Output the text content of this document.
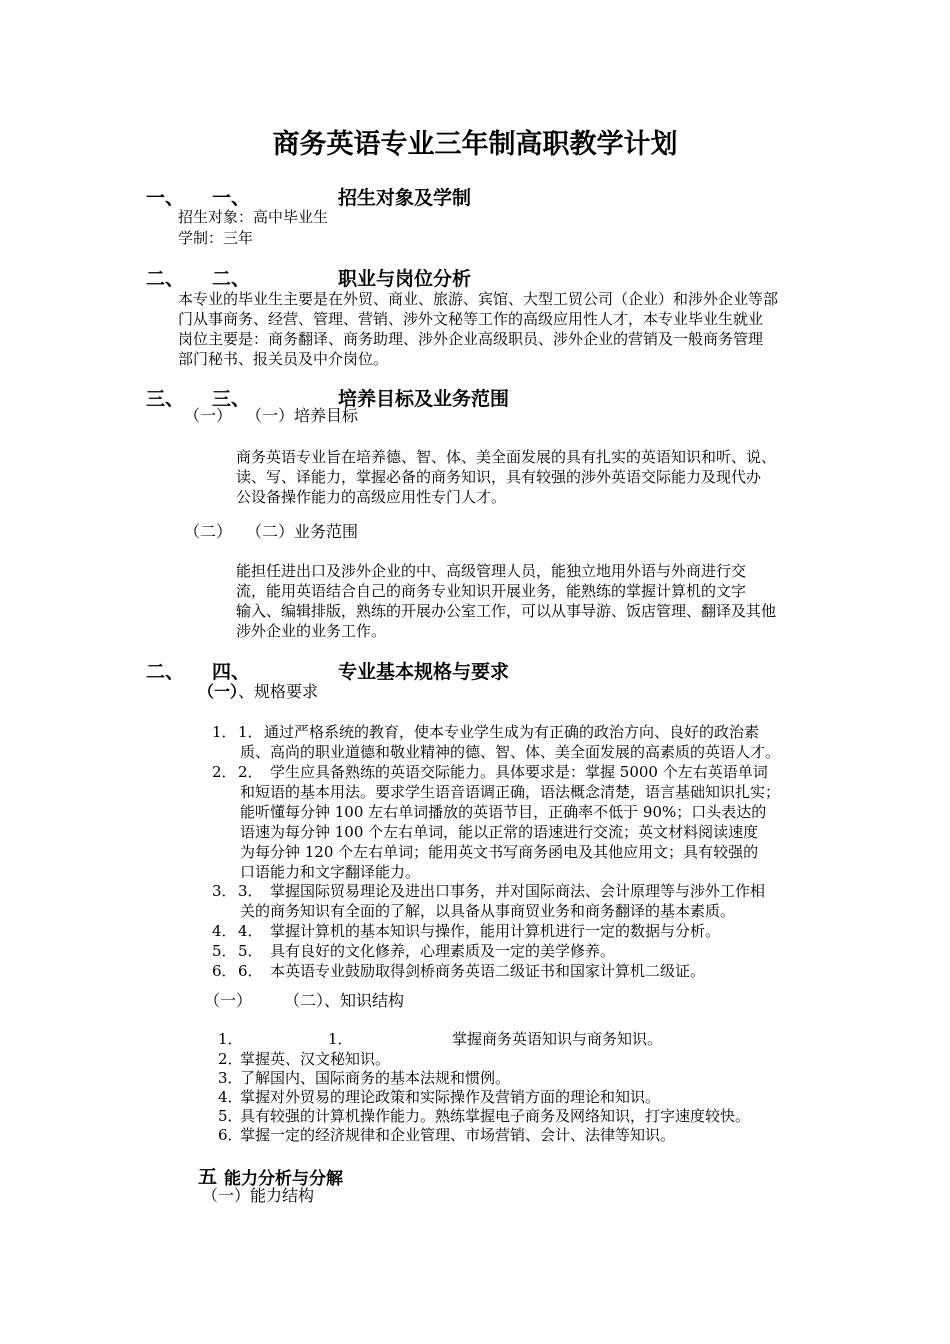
商务英语专业三年制高职教学计划
一、 一、	招生对象及学制
招生对象：高中毕业生
学制：三年
二、 二、	职业与岗位分析
本专业的毕业生主要是在外贸、商业、旅游、宾馆、大型工贸公司（企业）和涉外企业等部
门从事商务、经营、管理、营销、涉外文秘等工作的高级应用性人才，本专业毕业生就业
岗位主要是：商务翻译、商务助理、涉外企业高级职员、涉外企业的营销及一般商务管理
部门秘书、报关员及中介岗位。
三、 三、	培养目标及业务范围
（一） （一）培养目标
商务英语专业旨在培养德、智、体、美全面发展的具有扎实的英语知识和听、说、
读、写、译能力，掌握必备的商务知识，具有较强的涉外英语交际能力及现代办
公设备操作能力的高级应用性专门人才。
（二） （二）业务范围
能担任进出口及涉外企业的中、高级管理人员，能独立地用外语与外商进行交
流，能用英语结合自己的商务专业知识开展业务，能熟练的掌握计算机的文字
输入、编辑排版，熟练的开展办公室工作，可以从事导游、饭店管理、翻译及其他
涉外企业的业务工作。
二、 四、	专业基本规格与要求
（一）、规格要求
1． 1． 通过严格系统的教育，使本专业学生成为有正确的政治方向、良好的政治素
质、高尚的职业道德和敬业精神的德、智、体、美全面发展的高素质的英语人才。
2． 2． 学生应具备熟练的英语交际能力。具体要求是：掌握 5000 个左右英语单词
和短语的基本用法。要求学生语音语调正确，语法概念清楚，语言基础知识扎实；
能听懂每分钟 100 左右单词播放的英语节目，正确率不低于 90%；口头表达的
语速为每分钟 100 个左右单词，能以正常的语速进行交流；英文材料阅读速度
为每分钟 120 个左右单词；能用英文书写商务函电及其他应用文；具有较强的
口语能力和文字翻译能力。
3． 3． 掌握国际贸易理论及进出口事务，并对国际商法、会计原理等与涉外工作相
关的商务知识有全面的了解，以具备从事商贸业务和商务翻译的基本素质。
4． 4． 掌握计算机的基本知识与操作，能用计算机进行一定的数据与分析。
5． 5． 具有良好的文化修养，心理素质及一定的美学修养。
6． 6． 本英语专业鼓励取得剑桥商务英语二级证书和国家计算机二级证。
（一） （二）、知识结构
1．	1．	掌握商务英语知识与商务知识。
2．
掌握英、汉文秘知识。
3．
了解国内、国际商务的基本法规和惯例。
4．
掌握对外贸易的理论政策和实际操作及营销方面的理论和知识。
5．
具有较强的计算机操作能力。熟练掌握电子商务及网络知识，打字速度较快。
6．
掌握一定的经济规律和企业管理、市场营销、会计、法律等知识。
五 能力分析与分解
（一）能力结构
